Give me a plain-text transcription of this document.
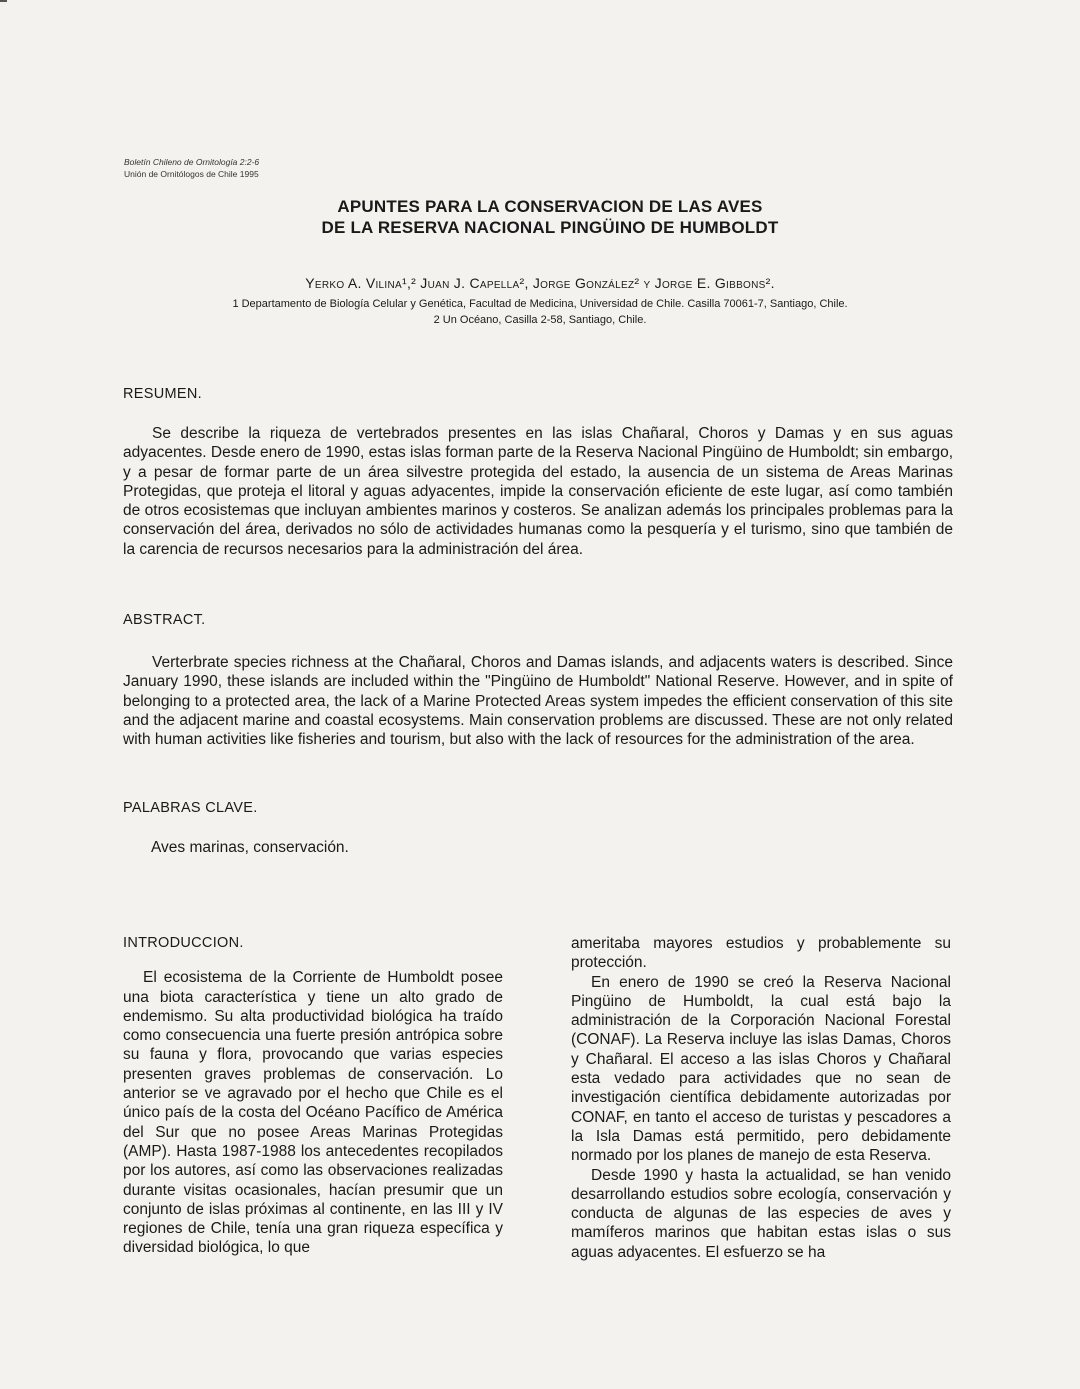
Boletín Chileno de Ornitología 2:2-6
Unión de Ornitólogos de Chile 1995
APUNTES PARA LA CONSERVACION DE LAS AVES
DE LA RESERVA NACIONAL PINGÜINO DE HUMBOLDT
Yerko A. Vilina¹,² Juan J. Capella², Jorge González² y Jorge E. Gibbons².
1 Departamento de Biología Celular y Genética, Facultad de Medicina, Universidad de Chile. Casilla 70061-7, Santiago, Chile.
2 Un Océano, Casilla 2-58, Santiago, Chile.
RESUMEN.

Se describe la riqueza de vertebrados presentes en las islas Chañaral, Choros y Damas y en sus aguas adyacentes. Desde enero de 1990, estas islas forman parte de la Reserva Nacional Pingüino de Humboldt; sin embargo, y a pesar de formar parte de un área silvestre protegida del estado, la ausencia de un sistema de Areas Marinas Protegidas, que proteja el litoral y aguas adyacentes, impide la conservación eficiente de este lugar, así como también de otros ecosistemas que incluyan ambientes marinos y costeros. Se analizan además los principales problemas para la conservación del área, derivados no sólo de actividades humanas como la pesquería y el turismo, sino que también de la carencia de recursos necesarios para la administración del área.

ABSTRACT.

Verterbrate species richness at the Chañaral, Choros and Damas islands, and adjacents waters is described. Since January 1990, these islands are included within the "Pingüino de Humboldt" National Reserve. However, and in spite of belonging to a protected area, the lack of a Marine Protected Areas system impedes the efficient conservation of this site and the adjacent marine and coastal ecosystems. Main conservation problems are discussed. These are not only related with human activities like fisheries and tourism, but also with the lack of resources for the administration of the area.

PALABRAS CLAVE.

Aves marinas, conservación.

INTRODUCCION.

El ecosistema de la Corriente de Humboldt posee una biota característica y tiene un alto grado de endemismo. Su alta productividad biológica ha traído como consecuencia una fuerte presión antrópica sobre su fauna y flora, provocando que varias especies presenten graves problemas de conservación. Lo anterior se ve agravado por el hecho que Chile es el único país de la costa del Océano Pacífico de América del Sur que no posee Areas Marinas Protegidas (AMP). Hasta 1987-1988 los antecedentes recopilados por los autores, así como las observaciones realizadas durante visitas ocasionales, hacían presumir que un conjunto de islas próximas al continente, en las III y IV regiones de Chile, tenía una gran riqueza específica y diversidad biológica, lo que

ameritaba mayores estudios y probablemente su protección.

En enero de 1990 se creó la Reserva Nacional Pingüino de Humboldt, la cual está bajo la administración de la Corporación Nacional Forestal (CONAF). La Reserva incluye las islas Damas, Choros y Chañaral. El acceso a las islas Choros y Chañaral esta vedado para actividades que no sean de investigación científica debidamente autorizadas por CONAF, en tanto el acceso de turistas y pescadores a la Isla Damas está permitido, pero debidamente normado por los planes de manejo de esta Reserva.

Desde 1990 y hasta la actualidad, se han venido desarrollando estudios sobre ecología, conservación y conducta de algunas de las especies de aves y mamíferos marinos que habitan estas islas o sus aguas adyacentes. El esfuerzo se ha
